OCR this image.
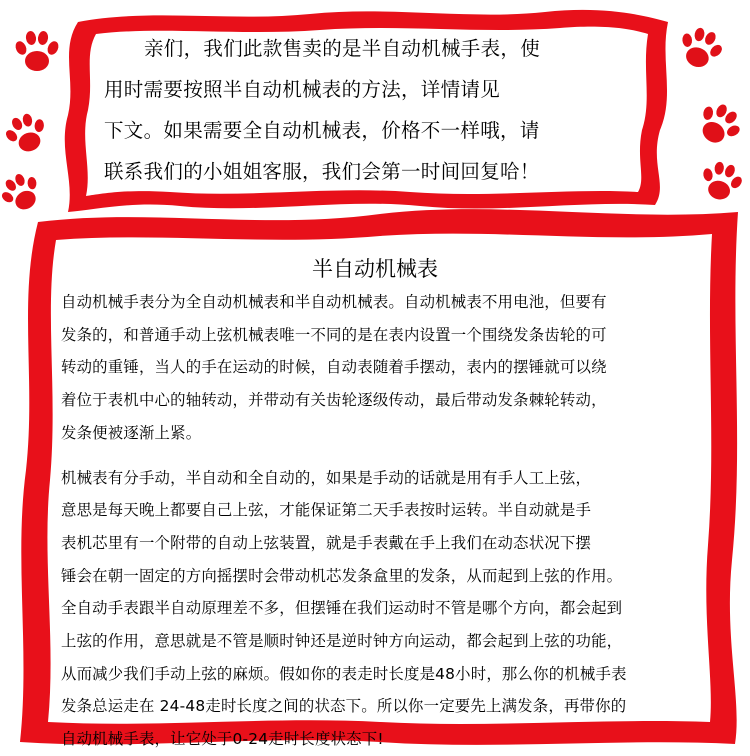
亲们，我们此款售卖的是半自动机械手表，使

用时需要按照半自动机械表的方法，详情请见

下文。如果需要全自动机械表，价格不一样哦，请

联系我们的小姐姐客服，我们会第一时间回复哈！

半自动机械表

自动机械手表分为全自动机械表和半自动机械表。自动机械表不用电池，但要有

发条的，和普通手动上弦机械表唯一不同的是在表内设置一个围绕发条齿轮的可

转动的重锤，当人的手在运动的时候，自动表随着手摆动，表内的摆锤就可以绕

着位于表机中心的轴转动，并带动有关齿轮逐级传动，最后带动发条棘轮转动，

发条便被逐渐上紧。

机械表有分手动，半自动和全自动的，如果是手动的话就是用有手人工上弦，

意思是每天晚上都要自己上弦，才能保证第二天手表按时运转。半自动就是手

表机芯里有一个附带的自动上弦装置，就是手表戴在手上我们在动态状况下摆

锤会在朝一固定的方向摇摆时会带动机芯发条盒里的发条，从而起到上弦的作用。

全自动手表跟半自动原理差不多，但摆锤在我们运动时不管是哪个方向，都会起到

上弦的作用，意思就是不管是顺时钟还是逆时钟方向运动，都会起到上弦的功能，

从而减少我们手动上弦的麻烦。假如你的表走时长度是48小时，那么你的机械手表

发条总运走在 24-48走时长度之间的状态下。所以你一定要先上满发条，再带你的

自动机械手表，让它处于0-24走时长度状态下!
